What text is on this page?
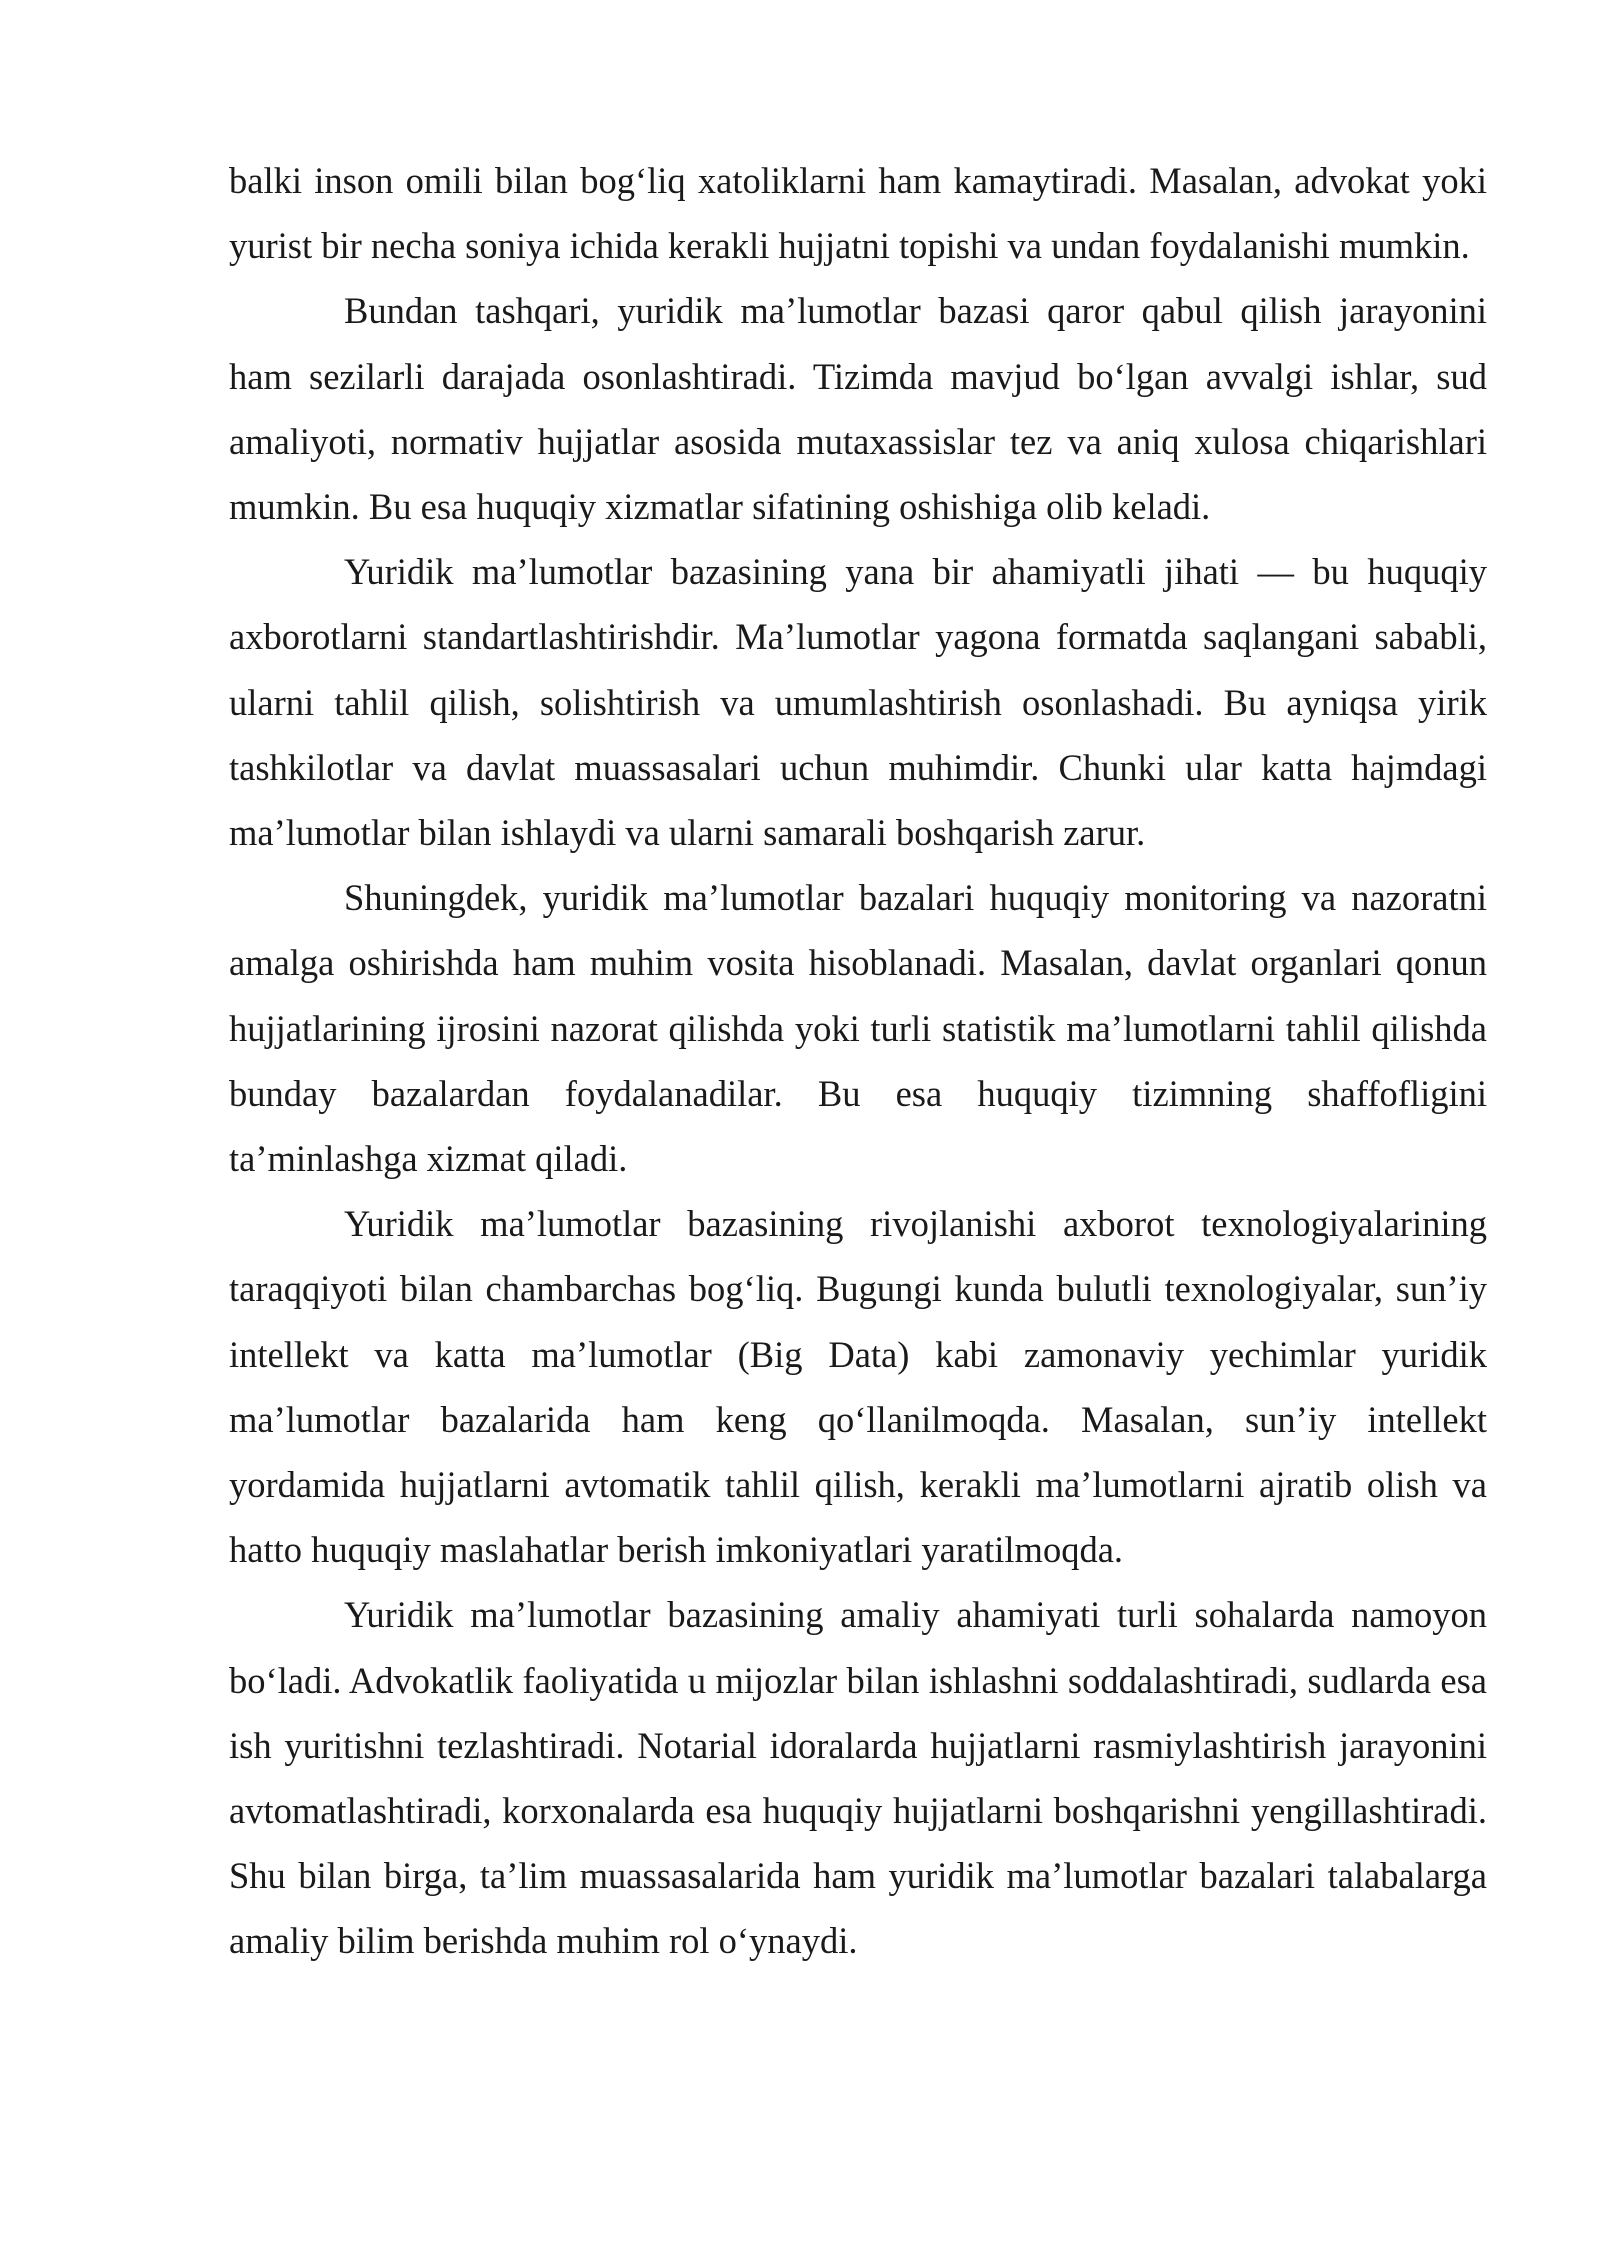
balki inson omili bilan bog‘liq xatoliklarni ham kamaytiradi. Masalan, advokat yoki yurist bir necha soniya ichida kerakli hujjatni topishi va undan foydalanishi mumkin.

Bundan tashqari, yuridik ma’lumotlar bazasi qaror qabul qilish jarayonini ham sezilarli darajada osonlashtiradi. Tizimda mavjud bo‘lgan avvalgi ishlar, sud amaliyoti, normativ hujjatlar asosida mutaxassislar tez va aniq xulosa chiqarishlari mumkin. Bu esa huquqiy xizmatlar sifatining oshishiga olib keladi.

Yuridik ma’lumotlar bazasining yana bir ahamiyatli jihati — bu huquqiy axborotlarni standartlashtirishdir. Ma’lumotlar yagona formatda saqlangani sababli, ularni tahlil qilish, solishtirish va umumlashtirish osonlashadi. Bu ayniqsa yirik tashkilotlar va davlat muassasalari uchun muhimdir. Chunki ular katta hajmdagi ma’lumotlar bilan ishlaydi va ularni samarali boshqarish zarur.

Shuningdek, yuridik ma’lumotlar bazalari huquqiy monitoring va nazoratni amalga oshirishda ham muhim vosita hisoblanadi. Masalan, davlat organlari qonun hujjatlarining ijrosini nazorat qilishda yoki turli statistik ma’lumotlarni tahlil qilishda bunday bazalardan foydalanadilar. Bu esa huquqiy tizimning shaffofligini ta’minlashga xizmat qiladi.

Yuridik ma’lumotlar bazasining rivojlanishi axborot texnologiyalarining taraqqiyoti bilan chambarchas bog‘liq. Bugungi kunda bulutli texnologiyalar, sun’iy intellekt va katta ma’lumotlar (Big Data) kabi zamonaviy yechimlar yuridik ma’lumotlar bazalarida ham keng qo‘llanilmoqda. Masalan, sun’iy intellekt yordamida hujjatlarni avtomatik tahlil qilish, kerakli ma’lumotlarni ajratib olish va hatto huquqiy maslahatlar berish imkoniyatlari yaratilmoqda.

Yuridik ma’lumotlar bazasining amaliy ahamiyati turli sohalarda namoyon bo‘ladi. Advokatlik faoliyatida u mijozlar bilan ishlashni soddalashtiradi, sudlarda esa ish yuritishni tezlashtiradi. Notarial idoralarda hujjatlarni rasmiylashtirish jarayonini avtomatlashtiradi, korxonalarda esa huquqiy hujjatlarni boshqarishni yengillashtiradi. Shu bilan birga, ta’lim muassasalarida ham yuridik ma’lumotlar bazalari talabalarga amaliy bilim berishda muhim rol o‘ynaydi.
